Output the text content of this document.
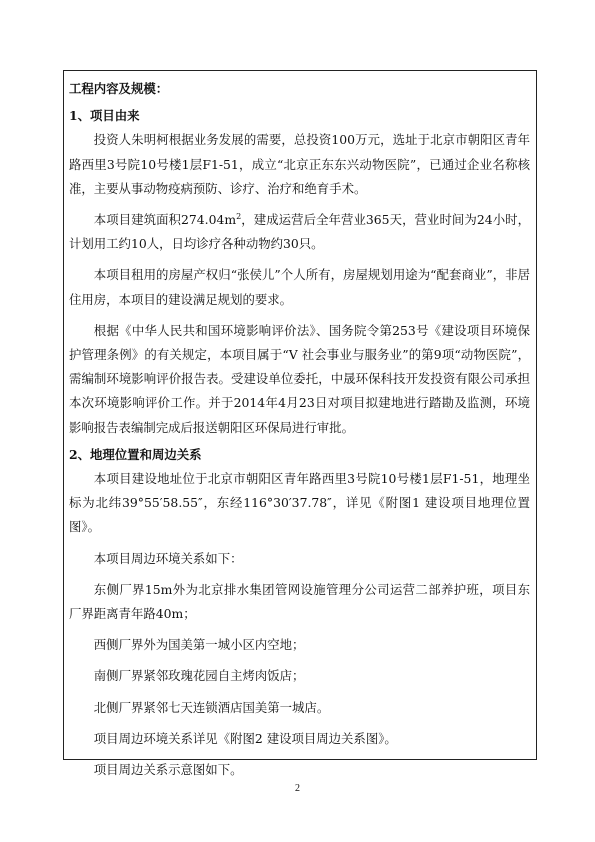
工程内容及规模：
1、项目由来

投资人朱明柯根据业务发展的需要，总投资100万元，选址于北京市朝阳区青年路西里3号院10号楼1层F1-51，成立“北京正东东兴动物医院”，已通过企业名称核准，主要从事动物疫病预防、诊疗、治疗和绝育手术。

本项目建筑面积$274.04m^2$，建成运营后全年营业365天，营业时间为24小时，计划用工约10人，日均诊疗各种动物约30只。

本项目租用的房屋产权归“张侯儿”个人所有，房屋规划用途为“配套商业”，非居住用房，本项目的建设满足规划的要求。

根据《中华人民共和国环境影响评价法》、国务院令第253号《建设项目环境保护管理条例》的有关规定，本项目属于“V 社会事业与服务业”的第9项“动物医院”，需编制环境影响评价报告表。受建设单位委托，中晟环保科技开发投资有限公司承担本次环境影响评价工作。并于2014年4月23日对项目拟建地进行踏勘及监测，环境影响报告表编制完成后报送朝阳区环保局进行审批。

2、地理位置和周边关系

本项目建设地址位于北京市朝阳区青年路西里3号院10号楼1层F1-51，地理坐标为北纬39°55′58.55″，东经116°30′37.78″，详见《附图1 建设项目地理位置图》。

本项目周边环境关系如下：

东侧厂界15m外为北京排水集团管网设施管理分公司运营二部养护班，项目东厂界距离青年路40m；

西侧厂界外为国美第一城小区内空地；

南侧厂界紧邻玫瑰花园自主烤肉饭店；

北侧厂界紧邻七天连锁酒店国美第一城店。

项目周边环境关系详见《附图2 建设项目周边关系图》。

项目周边关系示意图如下。

2
